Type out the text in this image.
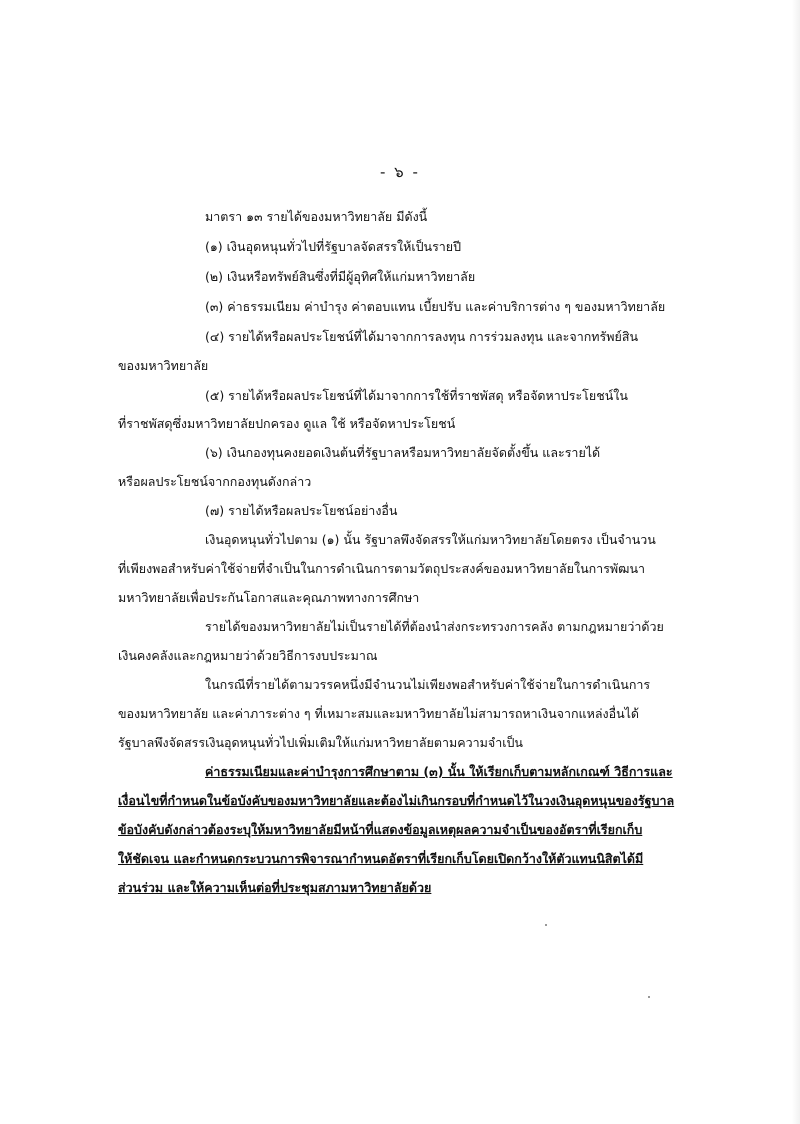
- ๖ -
มาตรา ๑๓ รายได้ของมหาวิทยาลัย มีดังนี้
(๑) เงินอุดหนุนทั่วไปที่รัฐบาลจัดสรรให้เป็นรายปี
(๒) เงินหรือทรัพย์สินซึ่งที่มีผู้อุทิศให้แก่มหาวิทยาลัย
(๓) ค่าธรรมเนียม ค่าบำรุง ค่าตอบแทน เบี้ยปรับ และค่าบริการต่าง ๆ ของมหาวิทยาลัย
(๔) รายได้หรือผลประโยชน์ที่ได้มาจากการลงทุน การร่วมลงทุน และจากทรัพย์สิน
ของมหาวิทยาลัย
(๕) รายได้หรือผลประโยชน์ที่ได้มาจากการใช้ที่ราชพัสดุ หรือจัดหาประโยชน์ใน
ที่ราชพัสดุซึ่งมหาวิทยาลัยปกครอง ดูแล ใช้ หรือจัดหาประโยชน์
(๖) เงินกองทุนคงยอดเงินต้นที่รัฐบาลหรือมหาวิทยาลัยจัดตั้งขึ้น และรายได้
หรือผลประโยชน์จากกองทุนดังกล่าว
(๗) รายได้หรือผลประโยชน์อย่างอื่น
เงินอุดหนุนทั่วไปตาม (๑) นั้น รัฐบาลพึงจัดสรรให้แก่มหาวิทยาลัยโดยตรง เป็นจำนวน
ที่เพียงพอสำหรับค่าใช้จ่ายที่จำเป็นในการดำเนินการตามวัตถุประสงค์ของมหาวิทยาลัยในการพัฒนา
มหาวิทยาลัยเพื่อประกันโอกาสและคุณภาพทางการศึกษา
รายได้ของมหาวิทยาลัยไม่เป็นรายได้ที่ต้องนำส่งกระทรวงการคลัง ตามกฎหมายว่าด้วย
เงินคงคลังและกฎหมายว่าด้วยวิธีการงบประมาณ
ในกรณีที่รายได้ตามวรรคหนึ่งมีจำนวนไม่เพียงพอสำหรับค่าใช้จ่ายในการดำเนินการ
ของมหาวิทยาลัย และค่าภาระต่าง ๆ ที่เหมาะสมและมหาวิทยาลัยไม่สามารถหาเงินจากแหล่งอื่นได้
รัฐบาลพึงจัดสรรเงินอุดหนุนทั่วไปเพิ่มเติมให้แก่มหาวิทยาลัยตามความจำเป็น
ค่าธรรมเนียมและค่าบำรุงการศึกษาตาม (๓) นั้น ให้เรียกเก็บตามหลักเกณฑ์ วิธีการและ
เงื่อนไขที่กำหนดในข้อบังคับของมหาวิทยาลัยและต้องไม่เกินกรอบที่กำหนดไว้ในวงเงินอุดหนุนของรัฐบาล
ข้อบังคับดังกล่าวต้องระบุให้มหาวิทยาลัยมีหน้าที่แสดงข้อมูลเหตุผลความจำเป็นของอัตราที่เรียกเก็บ
ให้ชัดเจน และกำหนดกระบวนการพิจารณากำหนดอัตราที่เรียกเก็บโดยเปิดกว้างให้ตัวแทนนิสิตได้มี
ส่วนร่วม และให้ความเห็นต่อที่ประชุมสภามหาวิทยาลัยด้วย
